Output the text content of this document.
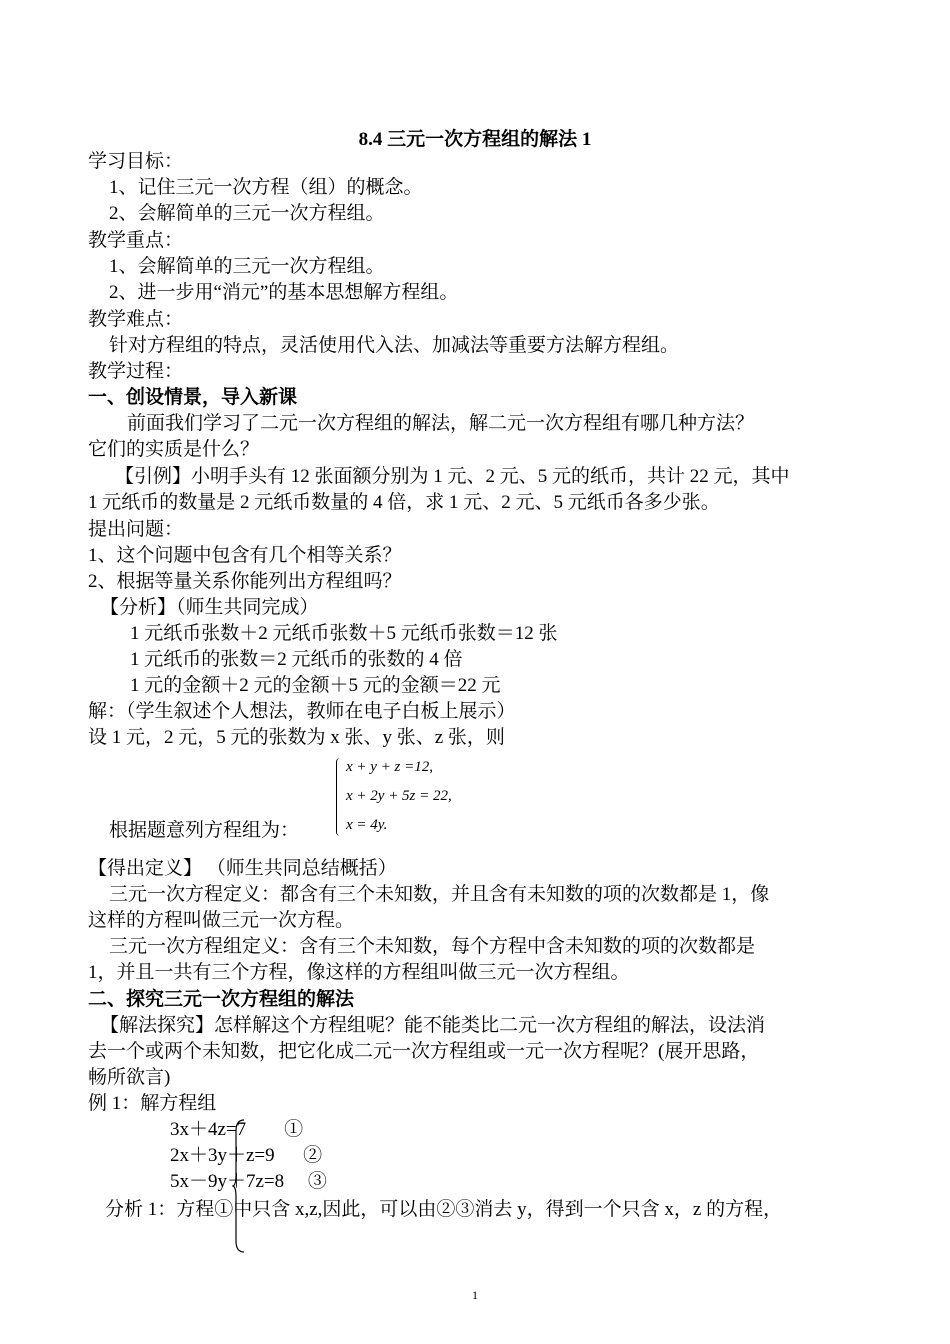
8.4 三元一次方程组的解法 1
学习目标：
1、记住三元一次方程（组）的概念。
2、会解简单的三元一次方程组。
教学重点：
1、会解简单的三元一次方程组。
2、进一步用“消元”的基本思想解方程组。
教学难点：
针对方程组的特点，灵活使用代入法、加减法等重要方法解方程组。
教学过程：
一、创设情景，导入新课
前面我们学习了二元一次方程组的解法，解二元一次方程组有哪几种方法？
它们的实质是什么？
【引例】小明手头有 12 张面额分别为 1 元、2 元、5 元的纸币，共计 22 元，其中
1 元纸币的数量是 2 元纸币数量的 4 倍，求 1 元、2 元、5 元纸币各多少张。
提出问题：
1、这个问题中包含有几个相等关系？
2、根据等量关系你能列出方程组吗？
【分析】（师生共同完成）
1 元纸币张数＋2 元纸币张数＋5 元纸币张数＝12 张
1 元纸币的张数＝2 元纸币的张数的 4 倍
1 元的金额＋2 元的金额＋5 元的金额＝22 元
解：（学生叙述个人想法，教师在电子白板上展示）
设 1 元，2 元，5 元的张数为 x 张、y 张、z 张，则
x + y + z =12,
x + 2y + 5z = 22,
x = 4y.
根据题意列方程组为：
【得出定义】 （师生共同总结概括）
三元一次方程定义：都含有三个未知数，并且含有未知数的项的次数都是 1，像
这样的方程叫做三元一次方程。
三元一次方程组定义：含有三个未知数，每个方程中含未知数的项的次数都是
1，并且一共有三个方程，像这样的方程组叫做三元一次方程组。
二、探究三元一次方程组的解法
【解法探究】怎样解这个方程组呢？能不能类比二元一次方程组的解法，设法消
去一个或两个未知数，把它化成二元一次方程组或一元一次方程呢？(展开思路，
畅所欲言)
例 1：解方程组
3x＋4z=7        ①
2x＋3y＋z=9      ②
5x－9y＋7z=8     ③
分析 1：方程①中只含 x,z,因此，可以由②③消去 y，得到一个只含 x，z 的方程，
1
